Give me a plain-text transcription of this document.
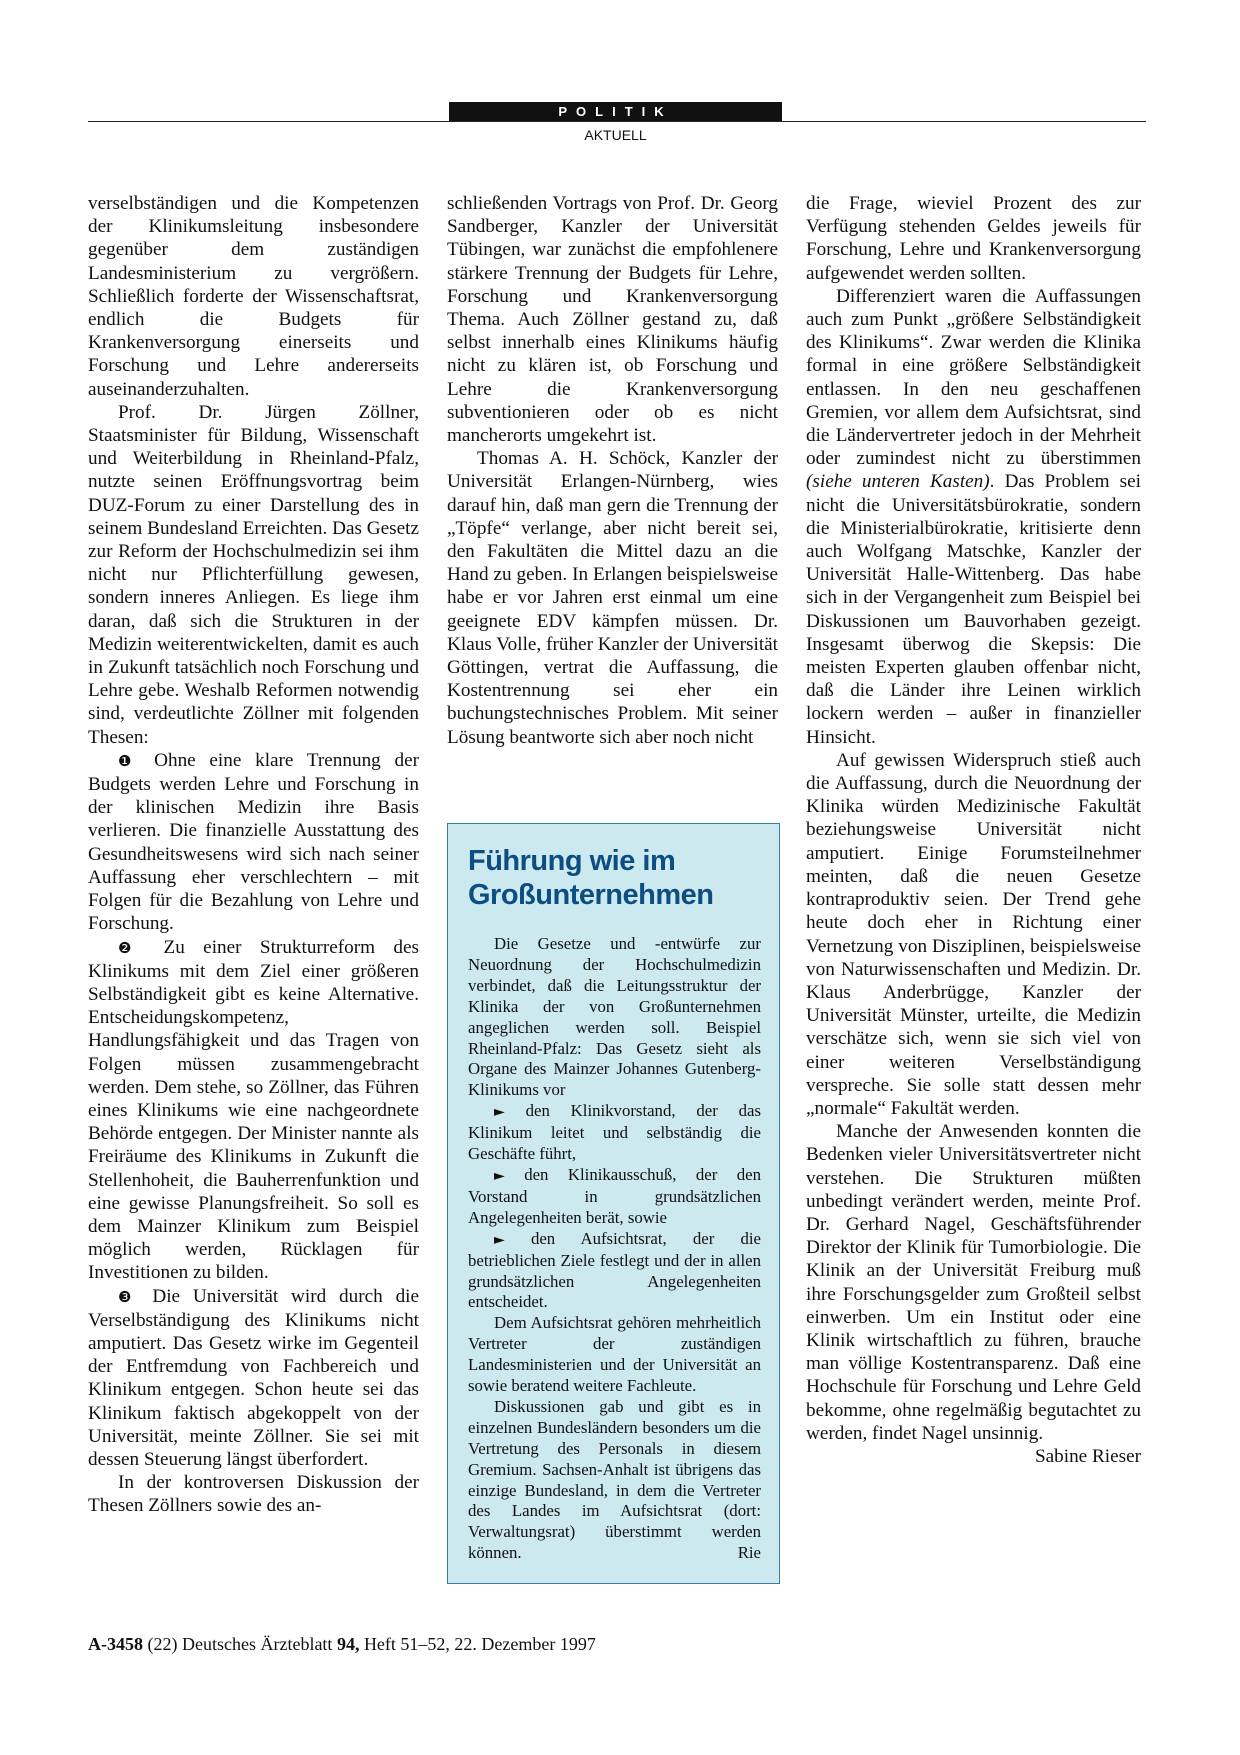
POLITIK
AKTUELL

verselbständigen und die Kompetenzen der Klinikumsleitung insbesondere gegenüber dem zuständigen Landesministerium zu vergrößern. Schließlich forderte der Wissenschaftsrat, endlich die Budgets für Krankenversorgung einerseits und Forschung und Lehre andererseits auseinanderzuhalten.

Prof. Dr. Jürgen Zöllner, Staatsminister für Bildung, Wissenschaft und Weiterbildung in Rheinland-Pfalz, nutzte seinen Eröffnungsvortrag beim DUZ-Forum zu einer Darstellung des in seinem Bundesland Erreichten. Das Gesetz zur Reform der Hochschulmedizin sei ihm nicht nur Pflichterfüllung gewesen, sondern inneres Anliegen. Es liege ihm daran, daß sich die Strukturen in der Medizin weiterentwickelten, damit es auch in Zukunft tatsächlich noch Forschung und Lehre gebe. Weshalb Reformen notwendig sind, verdeutlichte Zöllner mit folgenden Thesen:

❶ Ohne eine klare Trennung der Budgets werden Lehre und Forschung in der klinischen Medizin ihre Basis verlieren. Die finanzielle Ausstattung des Gesundheitswesens wird sich nach seiner Auffassung eher verschlechtern – mit Folgen für die Bezahlung von Lehre und Forschung.

❷ Zu einer Strukturreform des Klinikums mit dem Ziel einer größeren Selbständigkeit gibt es keine Alternative. Entscheidungskompetenz, Handlungsfähigkeit und das Tragen von Folgen müssen zusammengebracht werden. Dem stehe, so Zöllner, das Führen eines Klinikums wie eine nachgeordnete Behörde entgegen. Der Minister nannte als Freiräume des Klinikums in Zukunft die Stellenhoheit, die Bauherrenfunktion und eine gewisse Planungsfreiheit. So soll es dem Mainzer Klinikum zum Beispiel möglich werden, Rücklagen für Investitionen zu bilden.

❸ Die Universität wird durch die Verselbständigung des Klinikums nicht amputiert. Das Gesetz wirke im Gegenteil der Entfremdung von Fachbereich und Klinikum entgegen. Schon heute sei das Klinikum faktisch abgekoppelt von der Universität, meinte Zöllner. Sie sei mit dessen Steuerung längst überfordert.

In der kontroversen Diskussion der Thesen Zöllners sowie des an-

schließenden Vortrags von Prof. Dr. Georg Sandberger, Kanzler der Universität Tübingen, war zunächst die empfohlenere stärkere Trennung der Budgets für Lehre, Forschung und Krankenversorgung Thema. Auch Zöllner gestand zu, daß selbst innerhalb eines Klinikums häufig nicht zu klären ist, ob Forschung und Lehre die Krankenversorgung subventionieren oder ob es nicht mancherorts umgekehrt ist.

Thomas A. H. Schöck, Kanzler der Universität Erlangen-Nürnberg, wies darauf hin, daß man gern die Trennung der „Töpfe“ verlange, aber nicht bereit sei, den Fakultäten die Mittel dazu an die Hand zu geben. In Erlangen beispielsweise habe er vor Jahren erst einmal um eine geeignete EDV kämpfen müssen. Dr. Klaus Volle, früher Kanzler der Universität Göttingen, vertrat die Auffassung, die Kostentrennung sei eher ein buchungstechnisches Problem. Mit seiner Lösung beantworte sich aber noch nicht

Führung wie im
Großunternehmen

Die Gesetze und -entwürfe zur Neuordnung der Hochschulmedizin verbindet, daß die Leitungsstruktur der Klinika der von Großunternehmen angeglichen werden soll. Beispiel Rheinland-Pfalz: Das Gesetz sieht als Organe des Mainzer Johannes Gutenberg-Klinikums vor

► den Klinikvorstand, der das Klinikum leitet und selbständig die Geschäfte führt,

► den Klinikausschuß, der den Vorstand in grundsätzlichen Angelegenheiten berät, sowie

► den Aufsichtsrat, der die betrieblichen Ziele festlegt und der in allen grundsätzlichen Angelegenheiten entscheidet.

Dem Aufsichtsrat gehören mehrheitlich Vertreter der zuständigen Landesministerien und der Universität an sowie beratend weitere Fachleute.

Diskussionen gab und gibt es in einzelnen Bundesländern besonders um die Vertretung des Personals in diesem Gremium. Sachsen-Anhalt ist übrigens das einzige Bundesland, in dem die Vertreter des Landes im Aufsichtsrat (dort: Verwaltungsrat) überstimmt werden können.	Rie

die Frage, wieviel Prozent des zur Verfügung stehenden Geldes jeweils für Forschung, Lehre und Krankenversorgung aufgewendet werden sollten.

Differenziert waren die Auffassungen auch zum Punkt „größere Selbständigkeit des Klinikums“. Zwar werden die Klinika formal in eine größere Selbständigkeit entlassen. In den neu geschaffenen Gremien, vor allem dem Aufsichtsrat, sind die Ländervertreter jedoch in der Mehrheit oder zumindest nicht zu überstimmen (siehe unteren Kasten). Das Problem sei nicht die Universitätsbürokratie, sondern die Ministerialbürokratie, kritisierte denn auch Wolfgang Matschke, Kanzler der Universität Halle-Wittenberg. Das habe sich in der Vergangenheit zum Beispiel bei Diskussionen um Bauvorhaben gezeigt. Insgesamt überwog die Skepsis: Die meisten Experten glauben offenbar nicht, daß die Länder ihre Leinen wirklich lockern werden – außer in finanzieller Hinsicht.

Auf gewissen Widerspruch stieß auch die Auffassung, durch die Neuordnung der Klinika würden Medizinische Fakultät beziehungsweise Universität nicht amputiert. Einige Forumsteilnehmer meinten, daß die neuen Gesetze kontraproduktiv seien. Der Trend gehe heute doch eher in Richtung einer Vernetzung von Disziplinen, beispielsweise von Naturwissenschaften und Medizin. Dr. Klaus Anderbrügge, Kanzler der Universität Münster, urteilte, die Medizin verschätze sich, wenn sie sich viel von einer weiteren Verselbständigung verspreche. Sie solle statt dessen mehr „normale“ Fakultät werden.

Manche der Anwesenden konnten die Bedenken vieler Universitätsvertreter nicht verstehen. Die Strukturen müßten unbedingt verändert werden, meinte Prof. Dr. Gerhard Nagel, Geschäftsführender Direktor der Klinik für Tumorbiologie. Die Klinik an der Universität Freiburg muß ihre Forschungsgelder zum Großteil selbst einwerben. Um ein Institut oder eine Klinik wirtschaftlich zu führen, brauche man völlige Kostentransparenz. Daß eine Hochschule für Forschung und Lehre Geld bekomme, ohne regelmäßig begutachtet zu werden, findet Nagel unsinnig.
Sabine Rieser

A-3458 (22) Deutsches Ärzteblatt 94, Heft 51–52, 22. Dezember 1997
